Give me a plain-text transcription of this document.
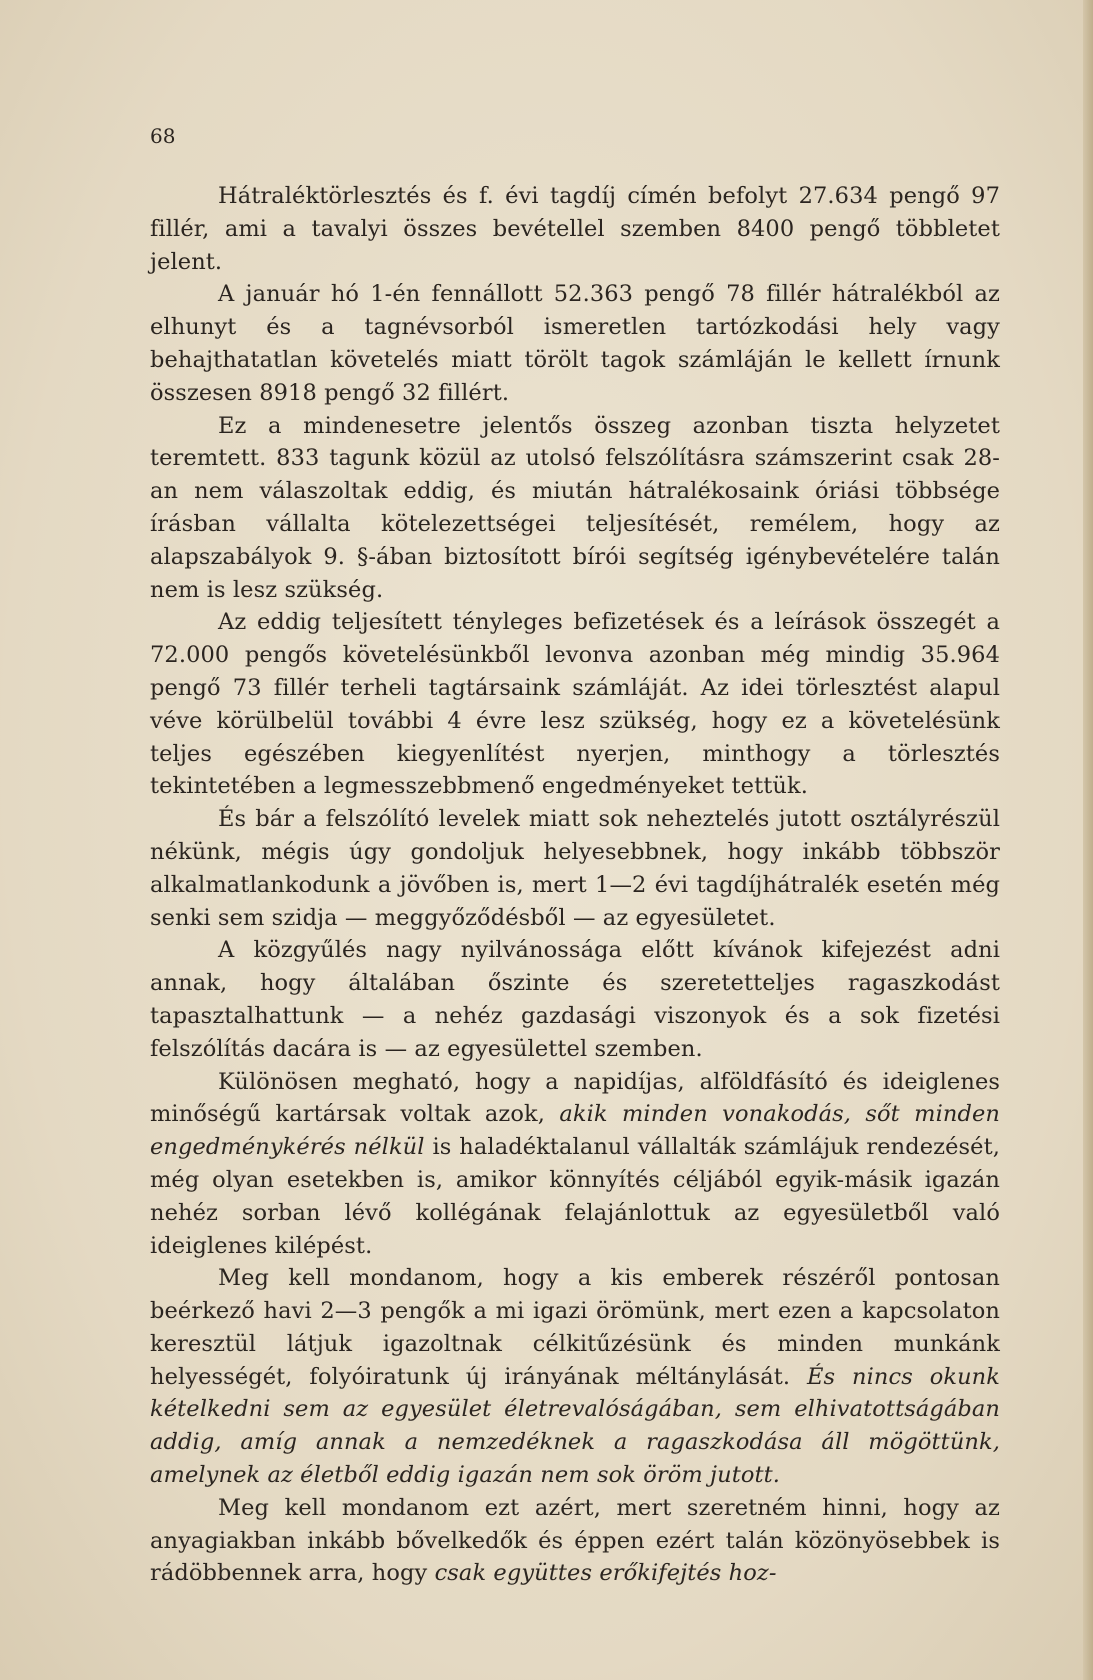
68

Hátraléktörlesztés és f. évi tagdíj címén befolyt 27.634 pengő 97 fillér, ami a tavalyi összes bevétellel szemben 8400 pengő többletet jelent.

A január hó 1-én fennállott 52.363 pengő 78 fillér hátralékból az elhunyt és a tagnévsorból ismeretlen tartózkodási hely vagy behajthatatlan követelés miatt törölt tagok számláján le kellett írnunk összesen 8918 pengő 32 fillért.

Ez a mindenesetre jelentős összeg azonban tiszta helyzetet teremtett. 833 tagunk közül az utolsó felszólításra számszerint csak 28-an nem válaszoltak eddig, és miután hátralékosaink óriási többsége írásban vállalta kötelezettségei teljesítését, remélem, hogy az alapszabályok 9. §-ában biztosított bírói segítség igénybevételére talán nem is lesz szükség.

Az eddig teljesített tényleges befizetések és a leírások összegét a 72.000 pengős követelésünkből levonva azonban még mindig 35.964 pengő 73 fillér terheli tagtársaink számláját. Az idei törlesztést alapul véve körülbelül további 4 évre lesz szükség, hogy ez a követelésünk teljes egészében kiegyenlítést nyerjen, minthogy a törlesztés tekintetében a legmesszebbmenő engedményeket tettük.

És bár a felszólító levelek miatt sok neheztelés jutott osztályrészül nékünk, mégis úgy gondoljuk helyesebbnek, hogy inkább többször alkalmatlankodunk a jövőben is, mert 1—2 évi tagdíjhátralék esetén még senki sem szidja — meggyőződésből — az egyesületet.

A közgyűlés nagy nyilvánossága előtt kívánok kifejezést adni annak, hogy általában őszinte és szeretetteljes ragaszkodást tapasztalhattunk — a nehéz gazdasági viszonyok és a sok fizetési felszólítás dacára is — az egyesülettel szemben.

Különösen megható, hogy a napidíjas, alföldfásító és ideiglenes minőségű kartársak voltak azok, akik minden vonakodás, sőt minden engedménykérés nélkül is haladéktalanul vállalták számlájuk rendezését, még olyan esetekben is, amikor könnyítés céljából egyik-másik igazán nehéz sorban lévő kollégának felajánlottuk az egyesületből való ideiglenes kilépést.

Meg kell mondanom, hogy a kis emberek részéről pontosan beérkező havi 2—3 pengők a mi igazi örömünk, mert ezen a kapcsolaton keresztül látjuk igazoltnak célkitűzésünk és minden munkánk helyességét, folyóiratunk új irányának méltánylását. És nincs okunk kételkedni sem az egyesület életrevalóságában, sem elhivatottságában addig, amíg annak a nemzedéknek a ragaszkodása áll mögöttünk, amelynek az életből eddig igazán nem sok öröm jutott.

Meg kell mondanom ezt azért, mert szeretném hinni, hogy az anyagiakban inkább bővelkedők és éppen ezért talán közönyösebbek is rádöbbennek arra, hogy csak együttes erőkifejtés hoz-
